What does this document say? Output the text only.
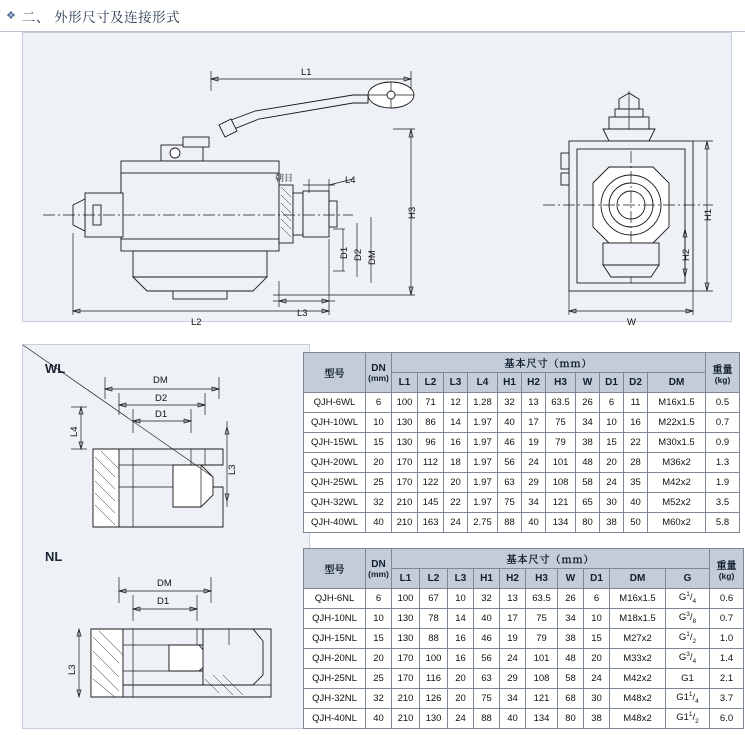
❖ 二、 外形尺寸及连接形式
L1
H3
L4
朝日
D1 D2 DM
L3
L2
H1
H2
W
WL
NL
DM
D2
D1
L4
L3
DM
D1
L3
型号	DN
(mm)	基本尺寸（ｍｍ）											重量
(kg)

		L1	L2	L3	L4	H1	H2	H3	W	D1	D2	DM	
QJH-6WL	6	100	71	12	1.28	32	13	63.5	26	6	11	M16x1.5	0.5
QJH-10WL	10	130	86	14	1.97	40	17	75	34	10	16	M22x1.5	0.7
QJH-15WL	15	130	96	16	1.97	46	19	79	38	15	22	M30x1.5	0.9
QJH-20WL	20	170	112	18	1.97	56	24	101	48	20	28	M36x2	1.3
QJH-25WL	25	170	122	20	1.97	63	29	108	58	24	35	M42x2	1.9
QJH-32WL	32	210	145	22	1.97	75	34	121	65	30	40	M52x2	3.5
QJH-40WL	40	210	163	24	2.75	88	40	134	80	38	50	M60x2	5.8
型号	DN
(mm)	基本尺寸（ｍｍ）										重量
(kg)

		L1	L2	L3	H1	H2	H3	W	D1	DM	G	
QJH-6NL	6	100	67	10	32	13	63.5	26	6	M16x1.5	$G^1/_4$	0.6
QJH-10NL	10	130	78	14	40	17	75	34	10	M18x1.5	$G^3/_8$	0.7
QJH-15NL	15	130	88	16	46	19	79	38	15	M27x2	$G^1/_2$	1.0
QJH-20NL	20	170	100	16	56	24	101	48	20	M33x2	$G^3/_4$	1.4
QJH-25NL	25	170	116	20	63	29	108	58	24	M42x2	G1	2.1
QJH-32NL	32	210	126	20	75	34	121	68	30	M48x2	$G1^1/_4$	3.7
QJH-40NL	40	210	130	24	88	40	134	80	38	M48x2	$G1^1/_2$	6.0
